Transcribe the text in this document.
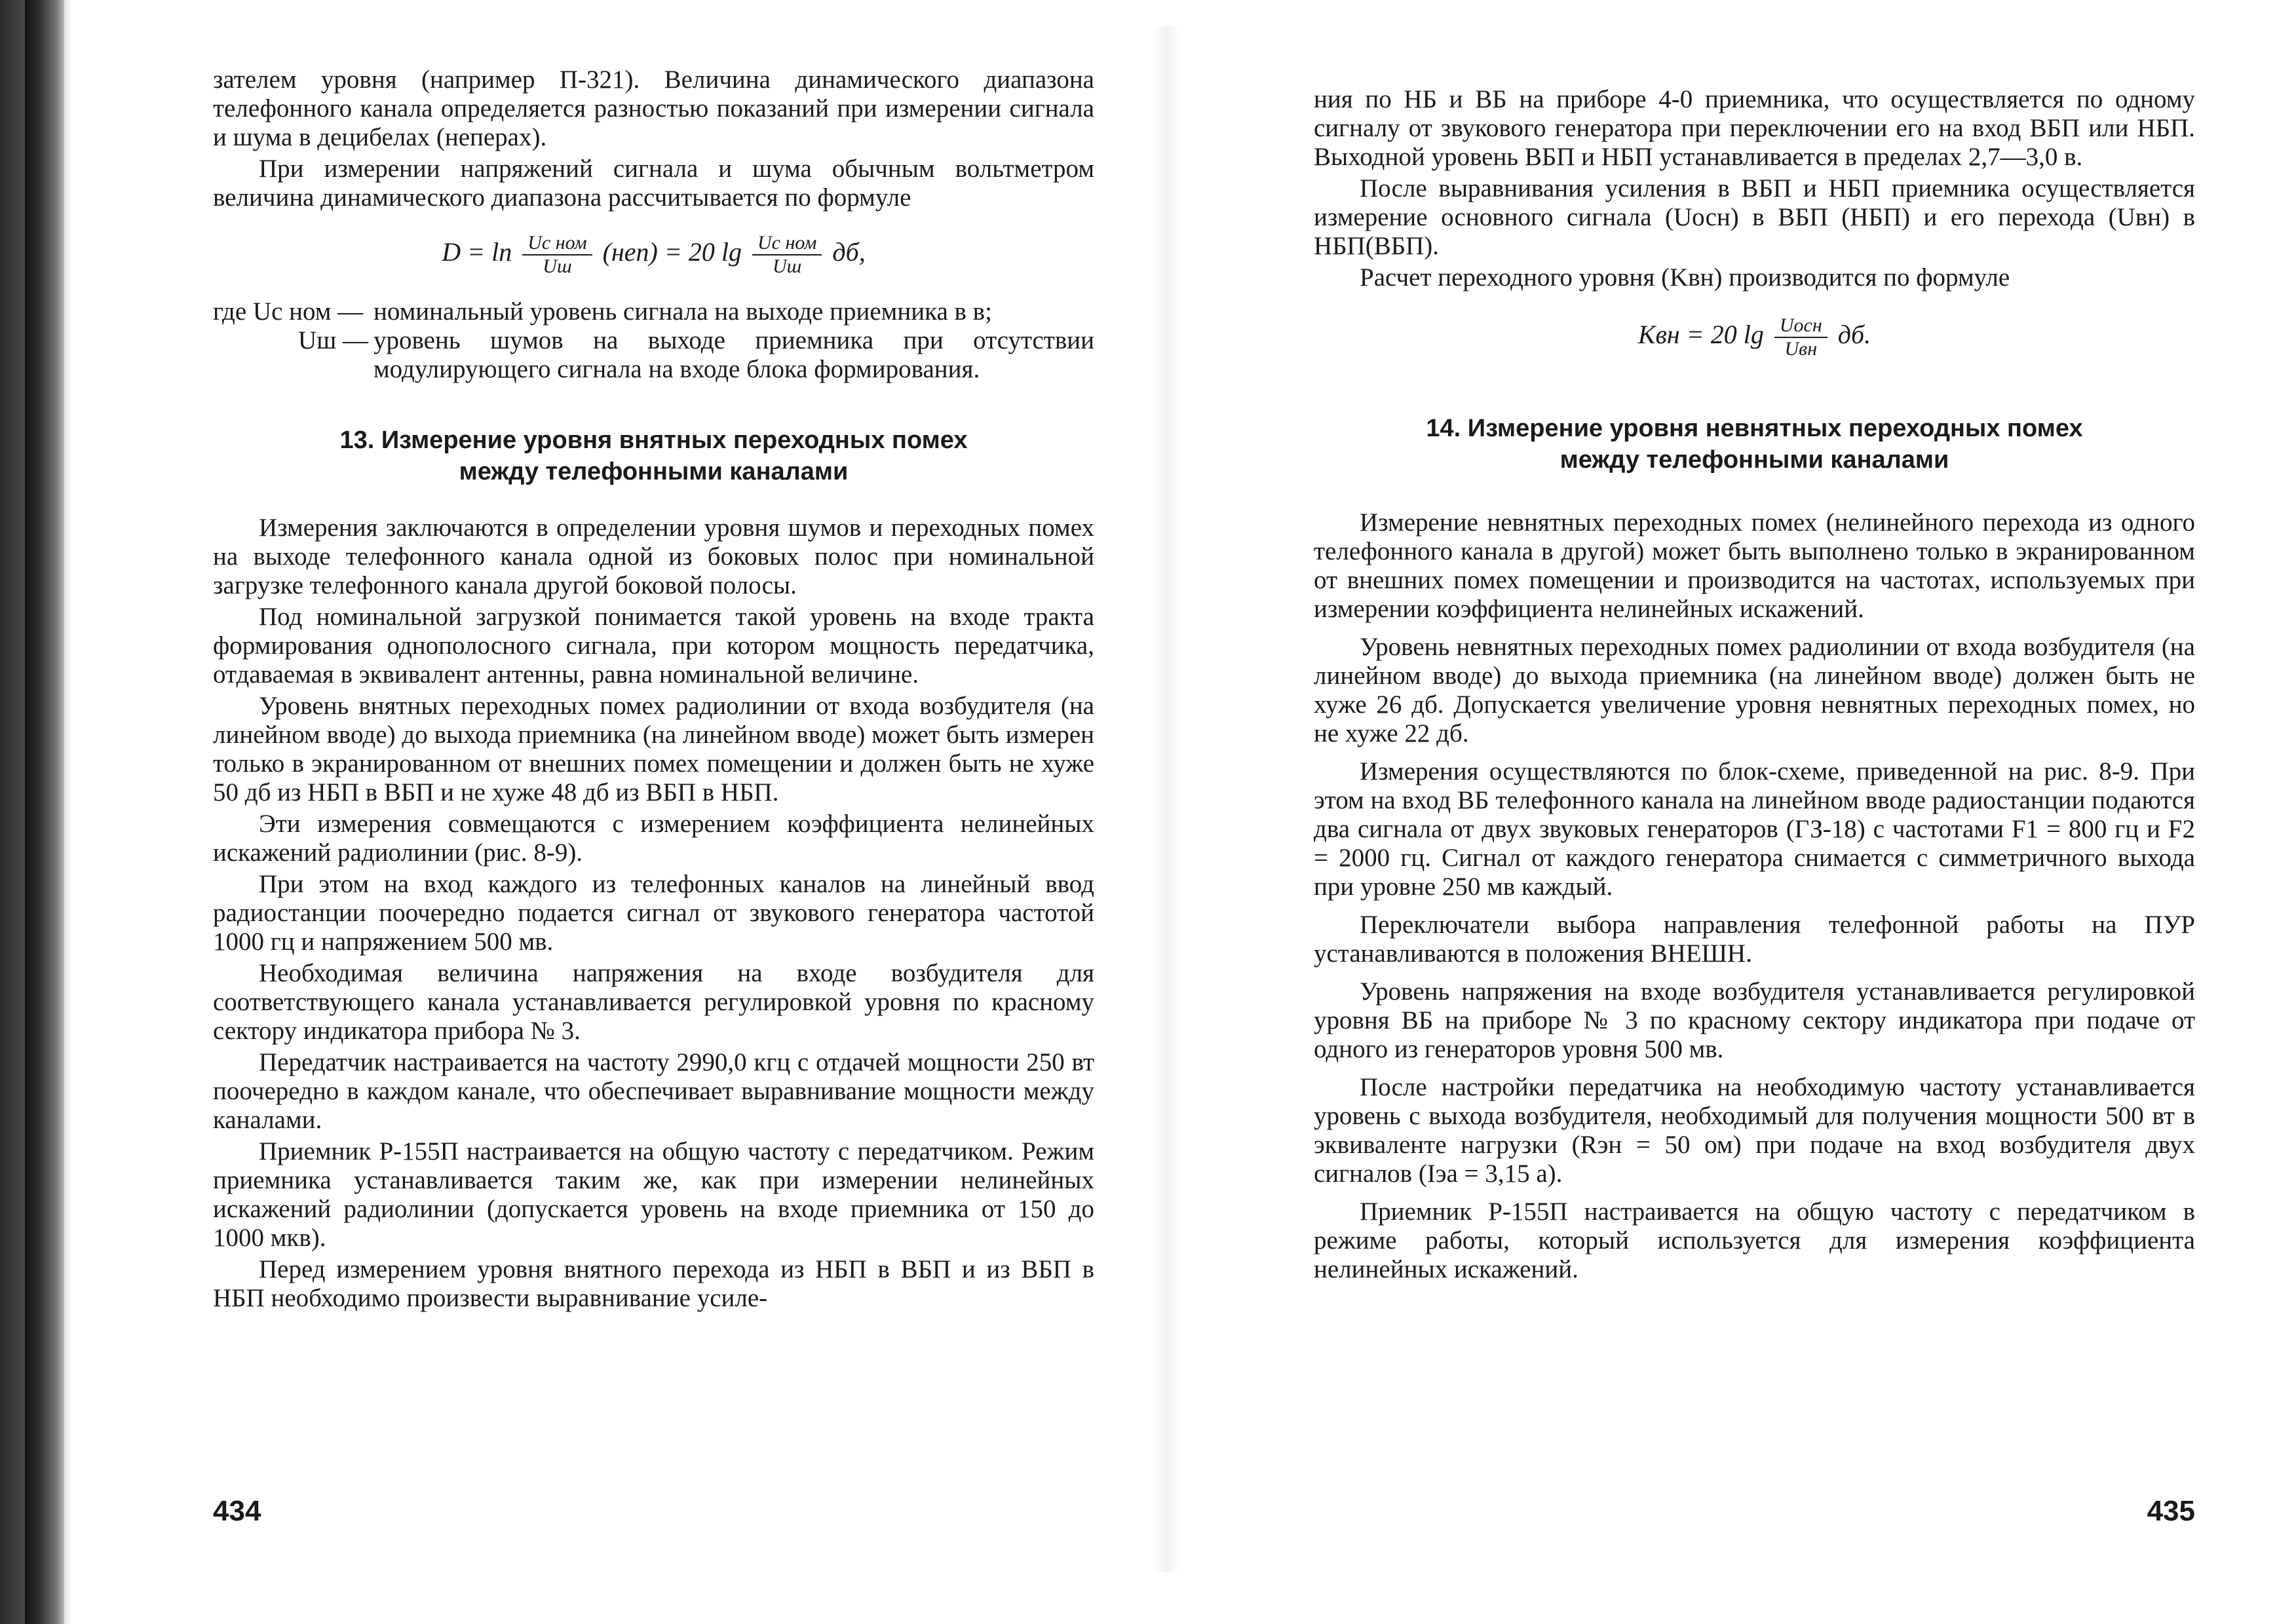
зателем уровня (например П-321). Величина динамического диапазона телефонного канала определяется разностью показаний при измерении сигнала и шума в децибелах (неперах).

При измерении напряжений сигнала и шума обычным вольтметром величина динамического диапазона рассчитывается по формуле

$D = \ln \frac{\text{Uс ном}}{Uш} (неп) = 20$ $\lg \frac{\text{Uс ном}}{Uш}$ дб,
где Uс ном — номинальный уровень сигнала на выходе приемника в в;
Uш — уровень шумов на выходе приемника при отсутствии модулирующего сигнала на входе блока формирования.
13. Измерение уровня внятных переходных помех
между телефонными каналами

Измерения заключаются в определении уровня шумов и переходных помех на выходе телефонного канала одной из боковых полос при номинальной загрузке телефонного канала другой боковой полосы.

Под номинальной загрузкой понимается такой уровень на входе тракта формирования однополосного сигнала, при котором мощность передатчика, отдаваемая в эквивалент антенны, равна номинальной величине.

Уровень внятных переходных помех радиолинии от входа возбудителя (на линейном вводе) до выхода приемника (на линейном вводе) может быть измерен только в экранированном от внешних помех помещении и должен быть не хуже 50 дб из НБП в ВБП и не хуже 48 дб из ВБП в НБП.

Эти измерения совмещаются с измерением коэффициента нелинейных искажений радиолинии (рис. 8-9).

При этом на вход каждого из телефонных каналов на линейный ввод радиостанции поочередно подается сигнал от звукового генератора частотой 1000 гц и напряжением 500 мв.

Необходимая величина напряжения на входе возбудителя для соответствующего канала устанавливается регулировкой уровня по красному сектору индикатора прибора № 3.

Передатчик настраивается на частоту 2990,0 кгц с отдачей мощности 250 вт поочередно в каждом канале, что обеспечивает выравнивание мощности между каналами.

Приемник Р-155П настраивается на общую частоту с передатчиком. Режим приемника устанавливается таким же, как при измерении нелинейных искажений радиолинии (допускается уровень на входе приемника от 150 до 1000 мкв).

Перед измерением уровня внятного перехода из НБП в ВБП и из ВБП в НБП необходимо произвести выравнивание усиле-

434

ния по НБ и ВБ на приборе 4-0 приемника, что осуществляется по одному сигналу от звукового генератора при переключении его на вход ВБП или НБП. Выходной уровень ВБП и НБП устанавливается в пределах 2,7—3,0 в.

После выравнивания усиления в ВБП и НБП приемника осуществляется измерение основного сигнала (Uосн) в ВБП (НБП) и его перехода (Uвн) в НБП(ВБП).

Расчет переходного уровня (Kвн) производится по формуле

Kвн = 20 $\lg \frac{\text{Uосн}}{\text{Uвн}}$ дб.
14. Измерение уровня невнятных переходных помех
между телефонными каналами

Измерение невнятных переходных помех (нелинейного перехода из одного телефонного канала в другой) может быть выполнено только в экранированном от внешних помех помещении и производится на частотах, используемых при измерении коэффициента нелинейных искажений.

Уровень невнятных переходных помех радиолинии от входа возбудителя (на линейном вводе) до выхода приемника (на линейном вводе) должен быть не хуже 26 дб. Допускается увеличение уровня невнятных переходных помех, но не хуже 22 дб.

Измерения осуществляются по блок-схеме, приведенной на рис. 8-9. При этом на вход ВБ телефонного канала на линейном вводе радиостанции подаются два сигнала от двух звуковых генераторов (ГЗ-18) с частотами F1 = 800 гц и F2 = 2000 гц. Сигнал от каждого генератора снимается с симметричного выхода при уровне 250 мв каждый.

Переключатели выбора направления телефонной работы на ПУР устанавливаются в положения ВНЕШН.

Уровень напряжения на входе возбудителя устанавливается регулировкой уровня ВБ на приборе № 3 по красному сектору индикатора при подаче от одного из генераторов уровня 500 мв.

После настройки передатчика на необходимую частоту устанавливается уровень с выхода возбудителя, необходимый для получения мощности 500 вт в эквиваленте нагрузки (Rэн = 50 ом) при подаче на вход возбудителя двух сигналов (Iэа = 3,15 а).

Приемник Р-155П настраивается на общую частоту с передатчиком в режиме работы, который используется для измерения коэффициента нелинейных искажений.

435
